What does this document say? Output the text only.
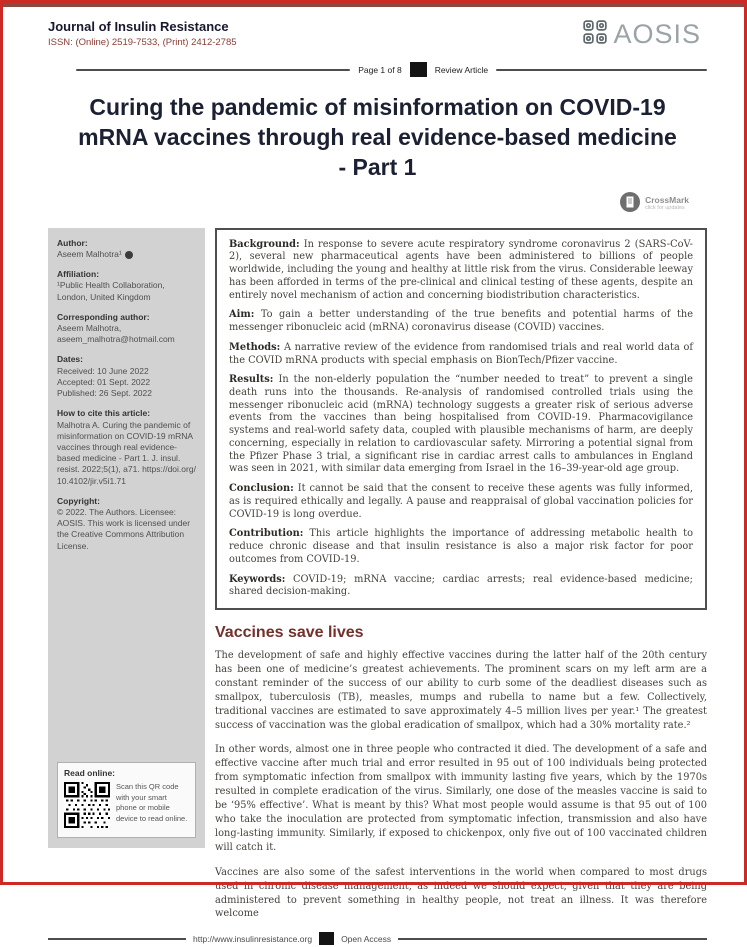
Journal of Insulin Resistance
ISSN: (Online) 2519-7533, (Print) 2412-2785	AOSIS
Page 1 of 8	Review Article
Curing the pandemic of misinformation on COVID-19 mRNA vaccines through real evidence-based medicine - Part 1
CrossMark
click for updates
Author:
Aseem Malhotra¹
Affiliation:
¹Public Health Collaboration, London, United Kingdom
Corresponding author:
Aseem Malhotra,
aseem_malhotra@hotmail.com
Dates:
Received: 10 June 2022
Accepted: 01 Sept. 2022
Published: 26 Sept. 2022
How to cite this article:
Malhotra A. Curing the pandemic of misinformation on COVID-19 mRNA vaccines through real evidence-based medicine - Part 1. J. insul. resist. 2022;5(1), a71. https://doi.org/10.4102/jir.v5i1.71
Copyright:
© 2022. The Authors. Licensee: AOSIS. This work is licensed under the Creative Commons Attribution License.
Read online:
Scan this QR code with your smart phone or mobile device to read online.

Background: In response to severe acute respiratory syndrome coronavirus 2 (SARS-CoV-2), several new pharmaceutical agents have been administered to billions of people worldwide, including the young and healthy at little risk from the virus. Considerable leeway has been afforded in terms of the pre-clinical and clinical testing of these agents, despite an entirely novel mechanism of action and concerning biodistribution characteristics.

Aim: To gain a better understanding of the true benefits and potential harms of the messenger ribonucleic acid (mRNA) coronavirus disease (COVID) vaccines.

Methods: A narrative review of the evidence from randomised trials and real world data of the COVID mRNA products with special emphasis on BionTech/Pfizer vaccine.

Results: In the non-elderly population the “number needed to treat” to prevent a single death runs into the thousands. Re-analysis of randomised controlled trials using the messenger ribonucleic acid (mRNA) technology suggests a greater risk of serious adverse events from the vaccines than being hospitalised from COVID-19. Pharmacovigilance systems and real-world safety data, coupled with plausible mechanisms of harm, are deeply concerning, especially in relation to cardiovascular safety. Mirroring a potential signal from the Pfizer Phase 3 trial, a significant rise in cardiac arrest calls to ambulances in England was seen in 2021, with similar data emerging from Israel in the 16–39-year-old age group.

Conclusion: It cannot be said that the consent to receive these agents was fully informed, as is required ethically and legally. A pause and reappraisal of global vaccination policies for COVID-19 is long overdue.

Contribution: This article highlights the importance of addressing metabolic health to reduce chronic disease and that insulin resistance is also a major risk factor for poor outcomes from COVID-19.

Keywords: COVID-19; mRNA vaccine; cardiac arrests; real evidence-based medicine; shared decision-making.

Vaccines save lives

The development of safe and highly effective vaccines during the latter half of the 20th century has been one of medicine’s greatest achievements. The prominent scars on my left arm are a constant reminder of the success of our ability to curb some of the deadliest diseases such as smallpox, tuberculosis (TB), measles, mumps and rubella to name but a few. Collectively, traditional vaccines are estimated to save approximately 4–5 million lives per year.¹ The greatest success of vaccination was the global eradication of smallpox, which had a 30% mortality rate.²

In other words, almost one in three people who contracted it died. The development of a safe and effective vaccine after much trial and error resulted in 95 out of 100 individuals being protected from symptomatic infection from smallpox with immunity lasting five years, which by the 1970s resulted in complete eradication of the virus. Similarly, one dose of the measles vaccine is said to be ‘95% effective’. What is meant by this? What most people would assume is that 95 out of 100 who take the inoculation are protected from symptomatic infection, transmission and also have long-lasting immunity. Similarly, if exposed to chickenpox, only five out of 100 vaccinated children will catch it.

Vaccines are also some of the safest interventions in the world when compared to most drugs used in chronic disease management, as indeed we should expect, given that they are being administered to prevent something in healthy people, not treat an illness. It was therefore welcome

http://www.insulinresistance.org	Open Access
